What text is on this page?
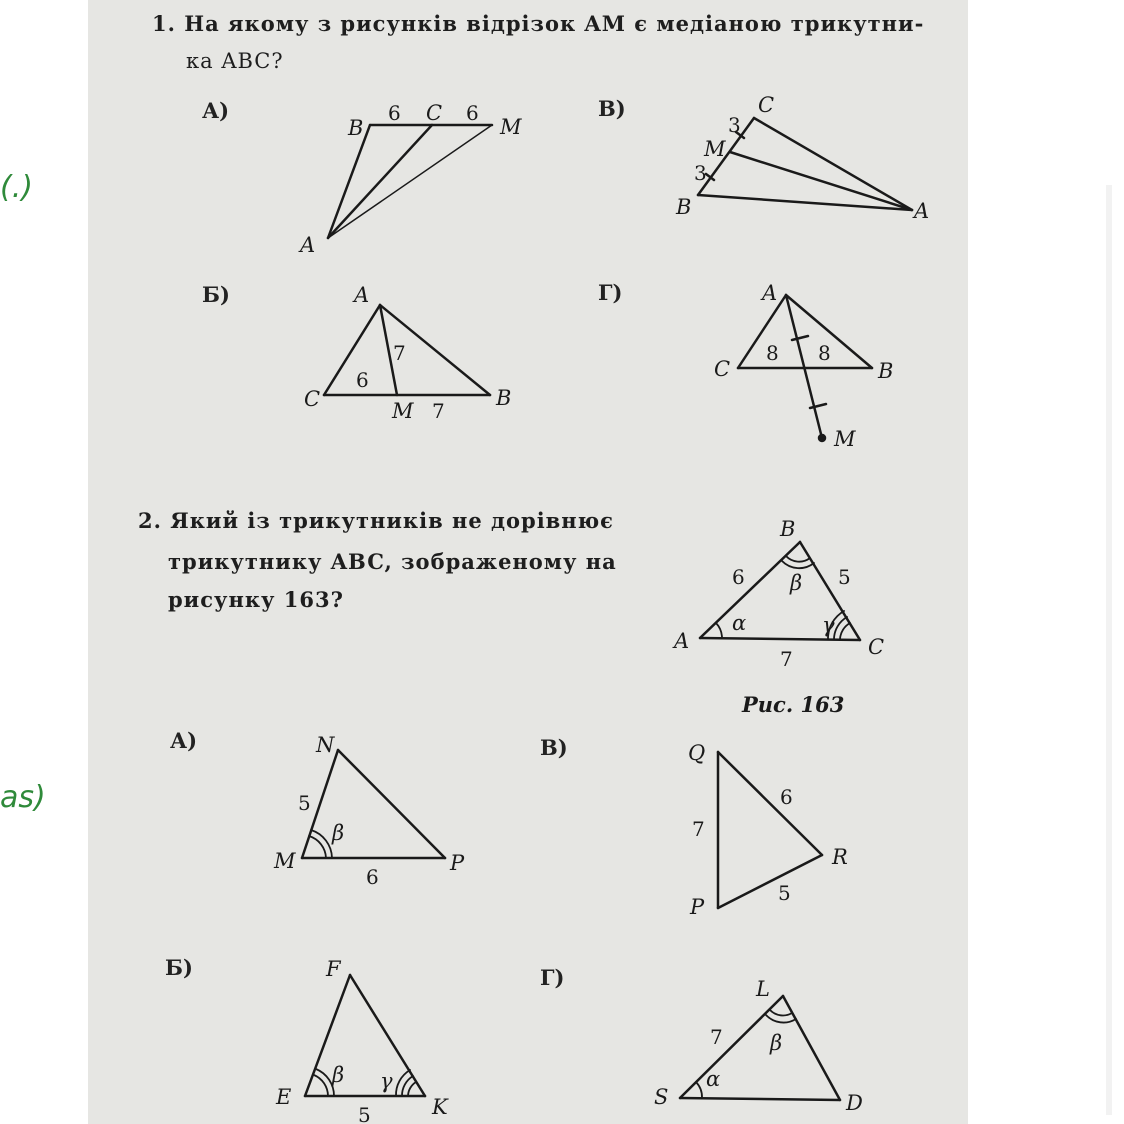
(.)
as)
1. На якому з рисунків відрізок AM є медіаною трикутни-
ка ABC?
А)	В)
Б)	Г)
2. Який із трикутників не дорівнює
трикутнику ABC, зображеному на
рисунку 163?
А)	В)
Б)	Г)
B
6 C 6
M
A
C
3
M
3
B	A
A
7
6
C	M 7
B
A
8 8
C	B
M
B
6 β 5
α	γ
A	C
7
Рис. 163
N
5
β
M	P
6
Q
6
7
R
5
P
F
β γ
E	K
5
L
7 β
α
S	D
